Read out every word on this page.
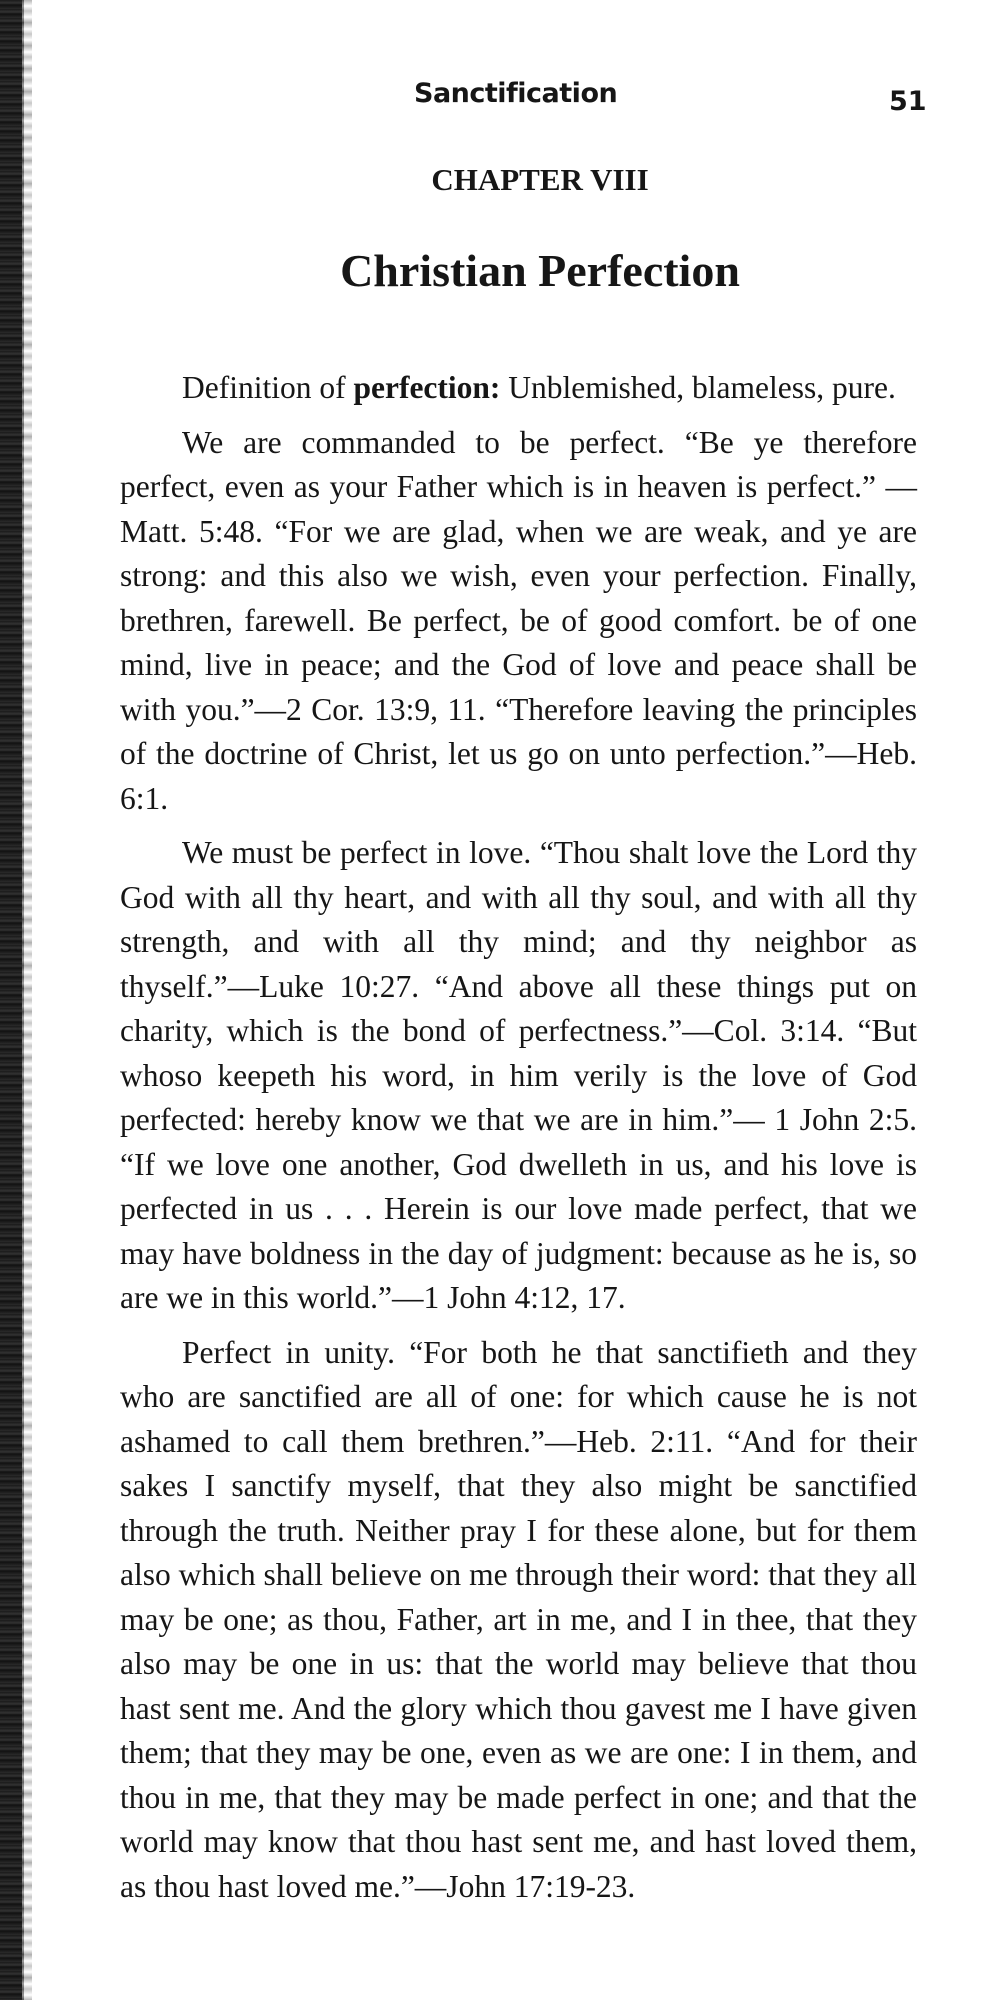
Sanctification	51
CHAPTER VIII
Christian Perfection

Definition of perfection: Unblemished, blameless, pure.

We are commanded to be perfect. “Be ye therefore perfect, even as your Father which is in heaven is perfect.” —Matt. 5:48. “For we are glad, when we are weak, and ye are strong: and this also we wish, even your perfection. Finally, brethren, farewell. Be perfect, be of good comfort. be of one mind, live in peace; and the God of love and peace shall be with you.”—2 Cor. 13:9, 11. “Therefore leaving the principles of the doctrine of Christ, let us go on unto perfection.”—Heb. 6:1.

We must be perfect in love. “Thou shalt love the Lord thy God with all thy heart, and with all thy soul, and with all thy strength, and with all thy mind; and thy neighbor as thyself.”—Luke 10:27. “And above all these things put on charity, which is the bond of perfectness.”—Col. 3:14. “But whoso keepeth his word, in him verily is the love of God perfected: hereby know we that we are in him.”— 1 John 2:5. “If we love one another, God dwelleth in us, and his love is perfected in us . . . Herein is our love made perfect, that we may have boldness in the day of judgment: because as he is, so are we in this world.”—1 John 4:12, 17.

Perfect in unity. “For both he that sanctifieth and they who are sanctified are all of one: for which cause he is not ashamed to call them brethren.”—Heb. 2:11. “And for their sakes I sanctify myself, that they also might be sanctified through the truth. Neither pray I for these alone, but for them also which shall believe on me through their word: that they all may be one; as thou, Father, art in me, and I in thee, that they also may be one in us: that the world may believe that thou hast sent me. And the glory which thou gavest me I have given them; that they may be one, even as we are one: I in them, and thou in me, that they may be made perfect in one; and that the world may know that thou hast sent me, and hast loved them, as thou hast loved me.”—John 17:19-23.
